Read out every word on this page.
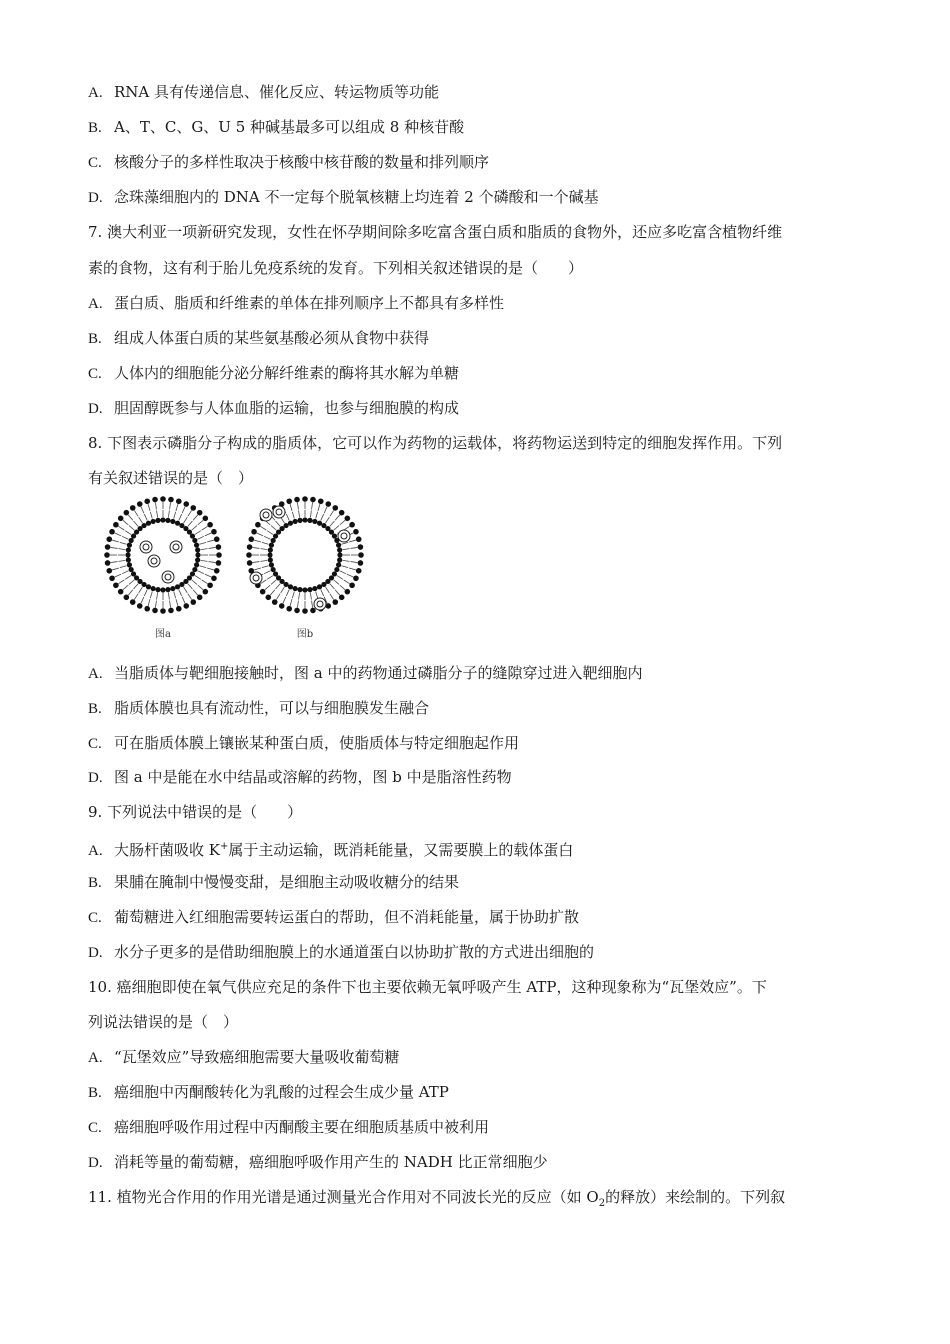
A. RNA 具有传递信息、催化反应、转运物质等功能
B. A、T、C、G、U 5 种碱基最多可以组成 8 种核苷酸
C. 核酸分子的多样性取决于核酸中核苷酸的数量和排列顺序
D. 念珠藻细胞内的 DNA 不一定每个脱氧核糖上均连着 2 个磷酸和一个碱基
7. 澳大利亚一项新研究发现，女性在怀孕期间除多吃富含蛋白质和脂质的食物外，还应多吃富含植物纤维
素的食物，这有利于胎儿免疫系统的发育。下列相关叙述错误的是（　　）
A. 蛋白质、脂质和纤维素的单体在排列顺序上不都具有多样性
B. 组成人体蛋白质的某些氨基酸必须从食物中获得
C. 人体内的细胞能分泌分解纤维素的酶将其水解为单糖
D. 胆固醇既参与人体血脂的运输，也参与细胞膜的构成
8. 下图表示磷脂分子构成的脂质体，它可以作为药物的运载体，将药物运送到特定的细胞发挥作用。下列
有关叙述错误的是（　）
图a	图b
A. 当脂质体与靶细胞接触时，图 a 中的药物通过磷脂分子的缝隙穿过进入靶细胞内
B. 脂质体膜也具有流动性，可以与细胞膜发生融合
C. 可在脂质体膜上镶嵌某种蛋白质，使脂质体与特定细胞起作用
D. 图 a 中是能在水中结晶或溶解的药物，图 b 中是脂溶性药物
9. 下列说法中错误的是（　　）
A. 大肠杆菌吸收 K+属于主动运输，既消耗能量，又需要膜上的载体蛋白
B. 果脯在腌制中慢慢变甜，是细胞主动吸收糖分的结果
C. 葡萄糖进入红细胞需要转运蛋白的帮助，但不消耗能量，属于协助扩散
D. 水分子更多的是借助细胞膜上的水通道蛋白以协助扩散的方式进出细胞的
10. 癌细胞即使在氧气供应充足的条件下也主要依赖无氧呼吸产生 ATP，这种现象称为“瓦堡效应”。下
列说法错误的是（　）
A. “瓦堡效应”导致癌细胞需要大量吸收葡萄糖
B. 癌细胞中丙酮酸转化为乳酸的过程会生成少量 ATP
C. 癌细胞呼吸作用过程中丙酮酸主要在细胞质基质中被利用
D. 消耗等量的葡萄糖，癌细胞呼吸作用产生的 NADH 比正常细胞少
11. 植物光合作用的作用光谱是通过测量光合作用对不同波长光的反应（如 $O_2$的释放）来绘制的。下列叙
